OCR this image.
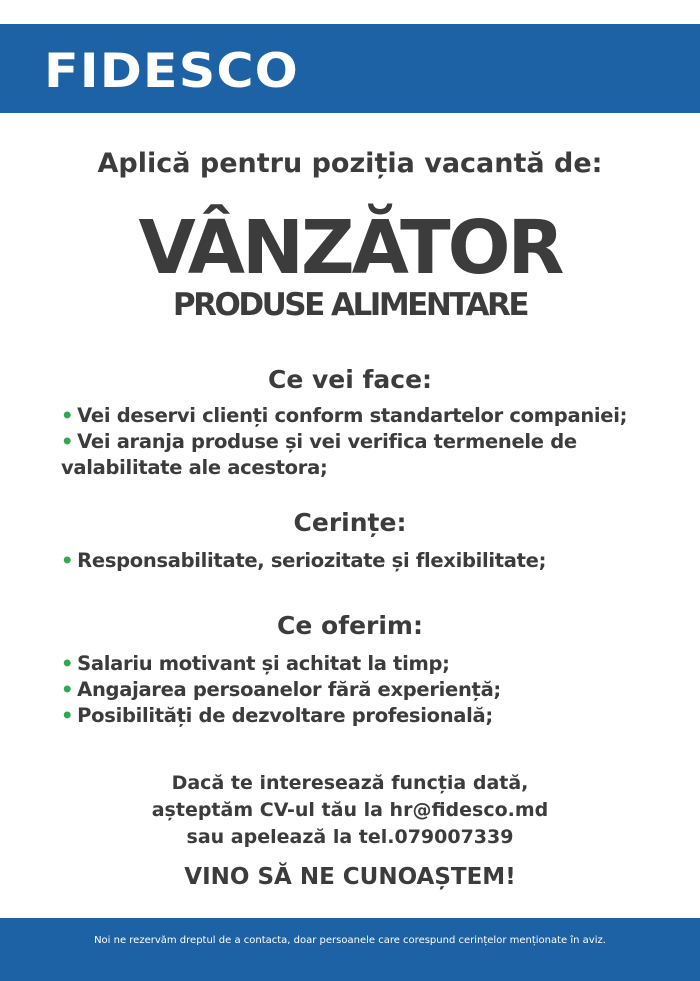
FIDESCO
Aplică pentru poziția vacantă de:
VÂNZĂTOR
PRODUSE ALIMENTARE
Ce vei face:
• Vei deservi clienți conform standartelor companiei;
• Vei aranja produse și vei verifica termenele de valabilitate ale acestora;
Cerințe:
• Responsabilitate, seriozitate și flexibilitate;
Ce oferim:
• Salariu motivant și achitat la timp;
• Angajarea persoanelor fără experiență;
• Posibilități de dezvoltare profesională;
Dacă te interesează funcția dată,
așteptăm CV-ul tău la hr@fidesco.md
sau apelează la tel.079007339
VINO SĂ NE CUNOAȘTEM!
Noi ne rezervăm dreptul de a contacta, doar persoanele care corespund cerințelor menționate în aviz.
